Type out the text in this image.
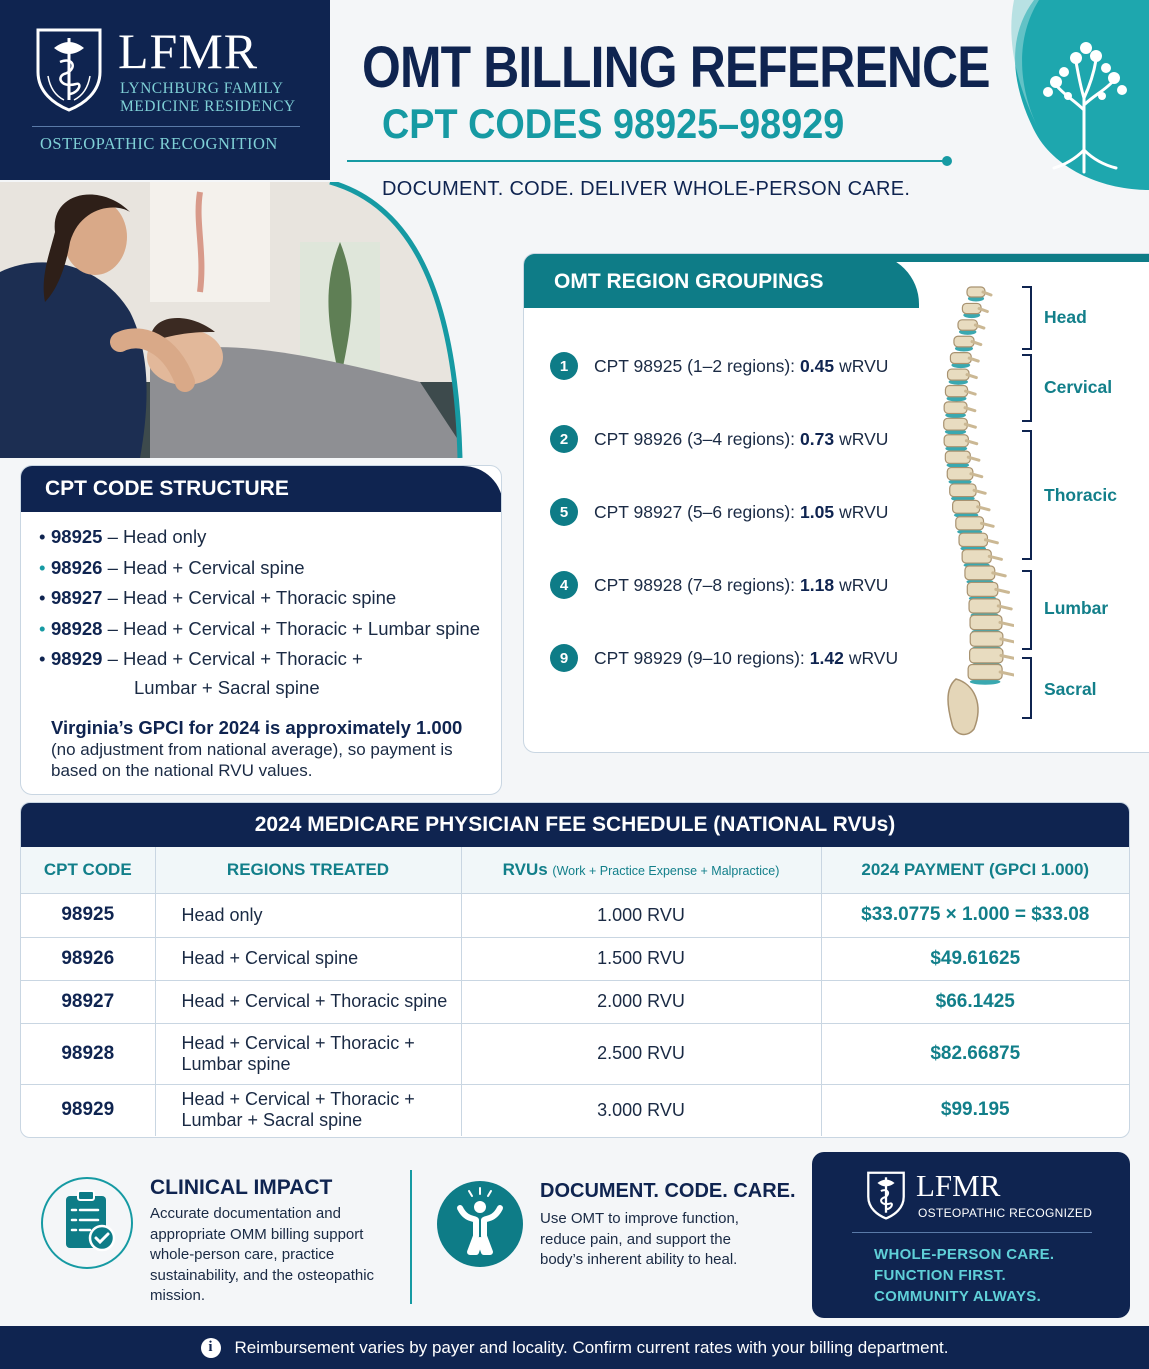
LFMR
LYNCHBURG FAMILY
MEDICINE RESIDENCY
OSTEOPATHIC RECOGNITION
OMT BILLING REFERENCE
CPT CODES 98925–98929
DOCUMENT. CODE. DELIVER WHOLE-PERSON CARE.
CPT CODE STRUCTURE
• 98925 – Head only
• 98926 – Head + Cervical spine
• 98927 – Head + Cervical + Thoracic spine
• 98928 – Head + Cervical + Thoracic + Lumbar spine
• 98929 – Head + Cervical + Thoracic +
Lumbar + Sacral spine
Virginia’s GPCI for 2024 is approximately 1.000
(no adjustment from national average), so payment is based on the national RVU values.
OMT REGION GROUPINGS
1	CPT 98925 (1–2 regions): 0.45 wRVU
2	CPT 98926 (3–4 regions): 0.73 wRVU
5	CPT 98927 (5–6 regions): 1.05 wRVU
4	CPT 98928 (7–8 regions): 1.18 wRVU
9	CPT 98929 (9–10 regions): 1.42 wRVU
Head
Cervical
Thoracic
Lumbar
Sacral
2024 MEDICARE PHYSICIAN FEE SCHEDULE (NATIONAL RVUs)
CPT CODE	REGIONS TREATED	RVUs (Work + Practice Expense + Malpractice)	2024 PAYMENT (GPCI 1.000)
98925	Head only	1.000 RVU	$33.0775 × 1.000 = $33.08
98926	Head + Cervical spine	1.500 RVU	$49.61625
98927	Head + Cervical + Thoracic spine	2.000 RVU	$66.1425
98928	Head + Cervical + Thoracic + Lumbar spine	2.500 RVU	$82.66875
98929	Head + Cervical + Thoracic + Lumbar + Sacral spine	3.000 RVU	$99.195
CLINICAL IMPACT
Accurate documentation and appropriate OMM billing support whole-person care, practice sustainability, and the osteopathic mission.
DOCUMENT. CODE. CARE.
Use OMT to improve function, reduce pain, and support the body’s inherent ability to heal.
LFMR
OSTEOPATHIC RECOGNIZED
WHOLE-PERSON CARE.
FUNCTION FIRST.
COMMUNITY ALWAYS.
i	Reimbursement varies by payer and locality. Confirm current rates with your billing department.
